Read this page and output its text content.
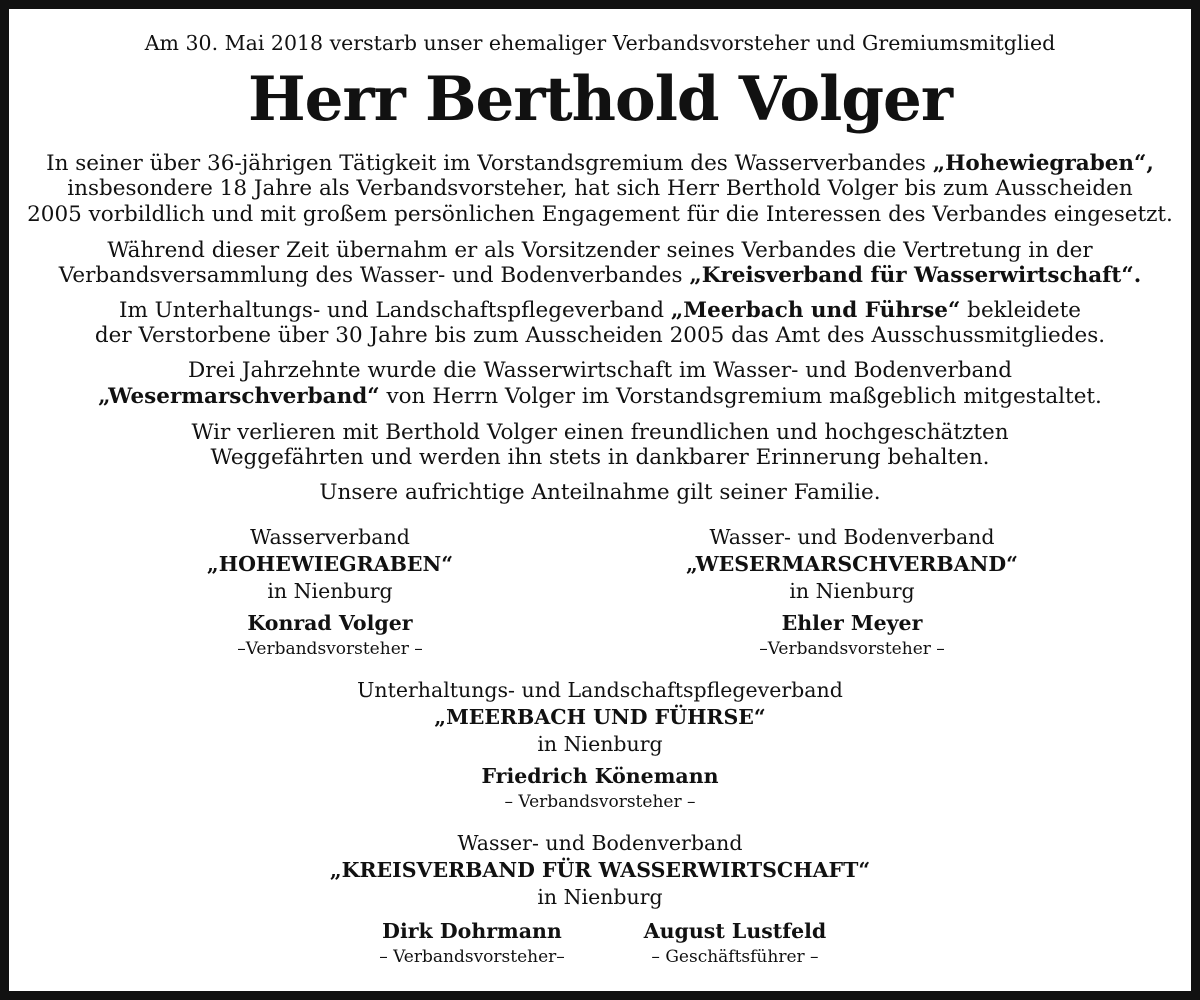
Am 30. Mai 2018 verstarb unser ehemaliger Verbandsvorsteher und Gremiumsmitglied
Herr Berthold Volger
In seiner über 36-jährigen Tätigkeit im Vorstandsgremium des Wasserverbandes „Hohewiegraben“,
insbesondere 18 Jahre als Verbandsvorsteher, hat sich Herr Berthold Volger bis zum Ausscheiden
2005 vorbildlich und mit großem persönlichen Engagement für die Interessen des Verbandes eingesetzt.
Während dieser Zeit übernahm er als Vorsitzender seines Verbandes die Vertretung in der
Verbandsversammlung des Wasser- und Bodenverbandes „Kreisverband für Wasserwirtschaft“.
Im Unterhaltungs- und Landschaftspflegeverband „Meerbach und Führse“ bekleidete
der Verstorbene über 30 Jahre bis zum Ausscheiden 2005 das Amt des Ausschussmitgliedes.
Drei Jahrzehnte wurde die Wasserwirtschaft im Wasser- und Bodenverband
„Wesermarschverband“ von Herrn Volger im Vorstandsgremium maßgeblich mitgestaltet.
Wir verlieren mit Berthold Volger einen freundlichen und hochgeschätzten
Weggefährten und werden ihn stets in dankbarer Erinnerung behalten.
Unsere aufrichtige Anteilnahme gilt seiner Familie.
Wasserverband
„HOHEWIEGRABEN“
in Nienburg
Konrad Volger
–Verbandsvorsteher –
Wasser- und Bodenverband
„WESERMARSCHVERBAND“
in Nienburg
Ehler Meyer
–Verbandsvorsteher –
Unterhaltungs- und Landschaftspflegeverband
„MEERBACH UND FÜHRSE“
in Nienburg
Friedrich Könemann
– Verbandsvorsteher –
Wasser- und Bodenverband
„KREISVERBAND FÜR WASSERWIRTSCHAFT“
in Nienburg
Dirk Dohrmann
– Verbandsvorsteher–
August Lustfeld
– Geschäftsführer –
